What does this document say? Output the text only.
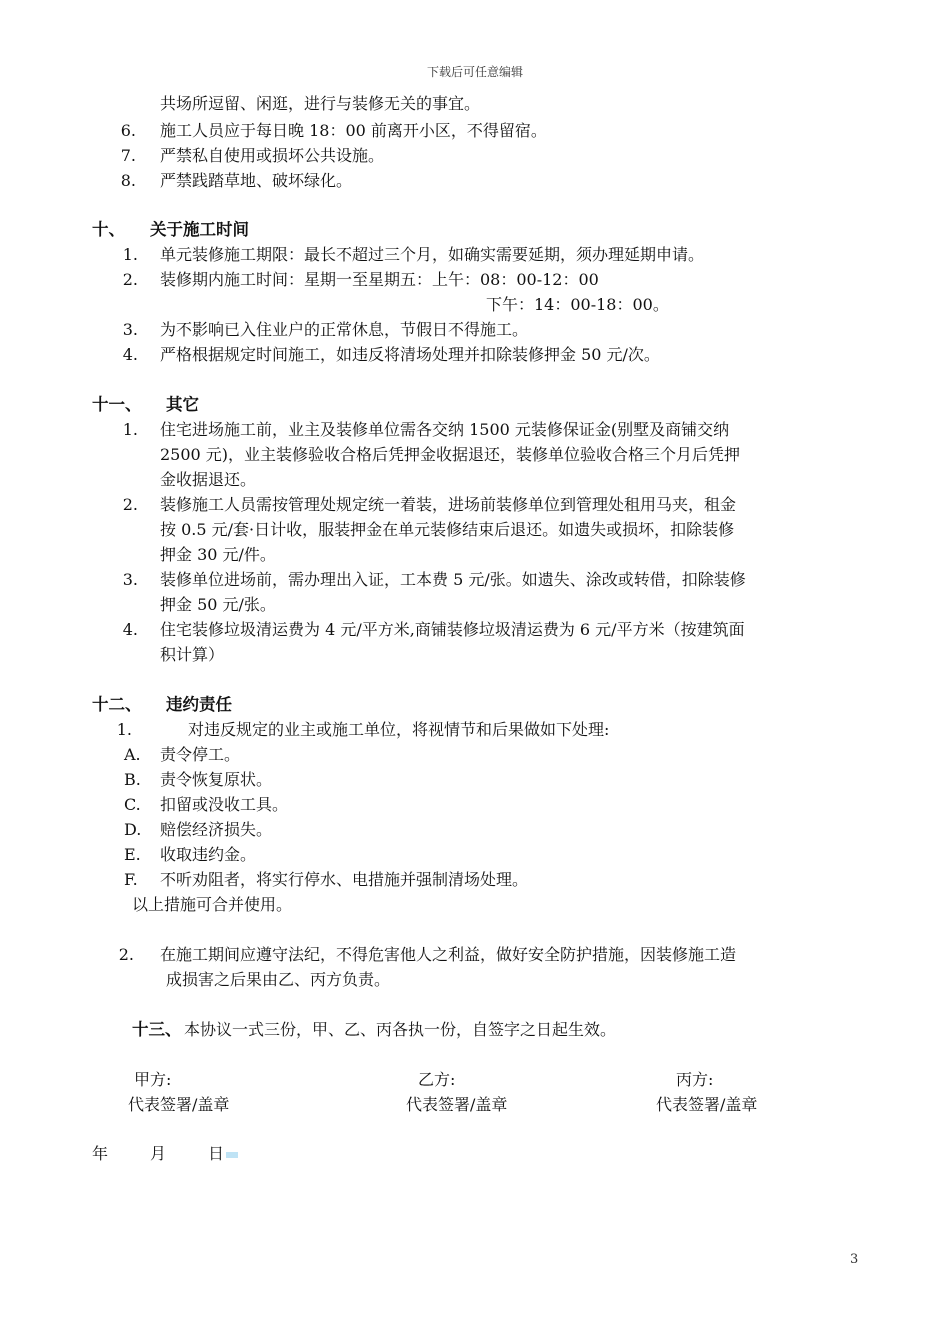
下载后可任意编辑
共场所逗留、闲逛，进行与装修无关的事宜。
6. 施工人员应于每日晚 18：00 前离开小区，不得留宿。
7. 严禁私自使用或损坏公共设施。
8. 严禁践踏草地、破坏绿化。
十、 关于施工时间
1. 单元装修施工期限：最长不超过三个月，如确实需要延期，须办理延期申请。
2. 装修期内施工时间：星期一至星期五：上午：08：00-12：00
下午：14：00-18：00。
3. 为不影响已入住业户的正常休息，节假日不得施工。
4. 严格根据规定时间施工，如违反将清场处理并扣除装修押金 50 元/次。
十一、 其它
1. 住宅进场施工前，业主及装修单位需各交纳 1500 元装修保证金(别墅及商铺交纳
2500 元)，业主装修验收合格后凭押金收据退还，装修单位验收合格三个月后凭押
金收据退还。
2. 装修施工人员需按管理处规定统一着装，进场前装修单位到管理处租用马夹，租金
按 0.5 元/套·日计收，服装押金在单元装修结束后退还。如遗失或损坏，扣除装修
押金 30 元/件。
3. 装修单位进场前，需办理出入证，工本费 5 元/张。如遗失、涂改或转借，扣除装修
押金 50 元/张。
4. 住宅装修垃圾清运费为 4 元/平方米,商铺装修垃圾清运费为 6 元/平方米（按建筑面
积计算）
十二、 违约责任
1.	对违反规定的业主或施工单位，将视情节和后果做如下处理:
A. 责令停工。
B. 责令恢复原状。
C. 扣留或没收工具。
D. 赔偿经济损失。
E. 收取违约金。
F. 不听劝阻者，将实行停水、电措施并强制清场处理。
以上措施可合并使用。
2. 在施工期间应遵守法纪，不得危害他人之利益，做好安全防护措施，因装修施工造
成损害之后果由乙、丙方负责。
十三、 本协议一式三份，甲、乙、丙各执一份，自签字之日起生效。
甲方:
代表签署/盖章
乙方:
代表签署/盖章
丙方:
代表签署/盖章
年	月	日
3
